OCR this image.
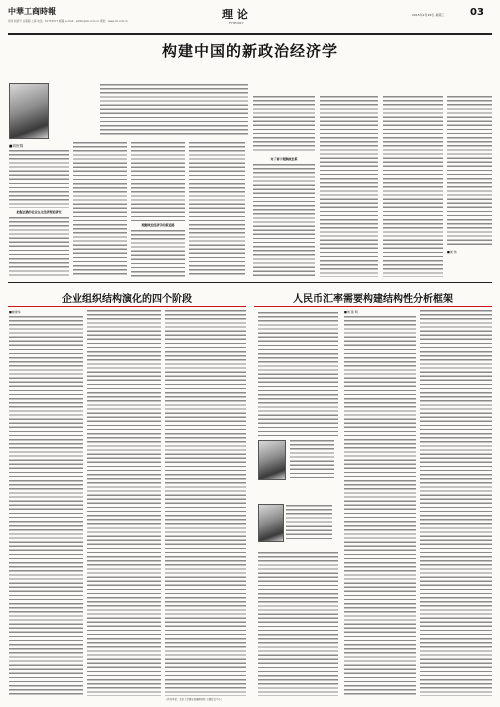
中華工商時報
创刊 改版号 总第期 上海 电话：51751577 邮箱 e-mail：editor@cb.com.cn 网址：www.cb.com.cn
理 论
THEORY
2015年2月18日 星期三	03
构建中国的新政治经济学
■刘世锦
把握正确的社会主义经济理论研究
理解政治经济学的新进路
对了要下理顺政治系
■刘 伟
企业组织结构演化的四个阶段
■姚建华
人民币汇率需要构建结构性分析框架
■刘 锋 明
（作者单位：北京大学国家发展研究院 金融投资中心）
